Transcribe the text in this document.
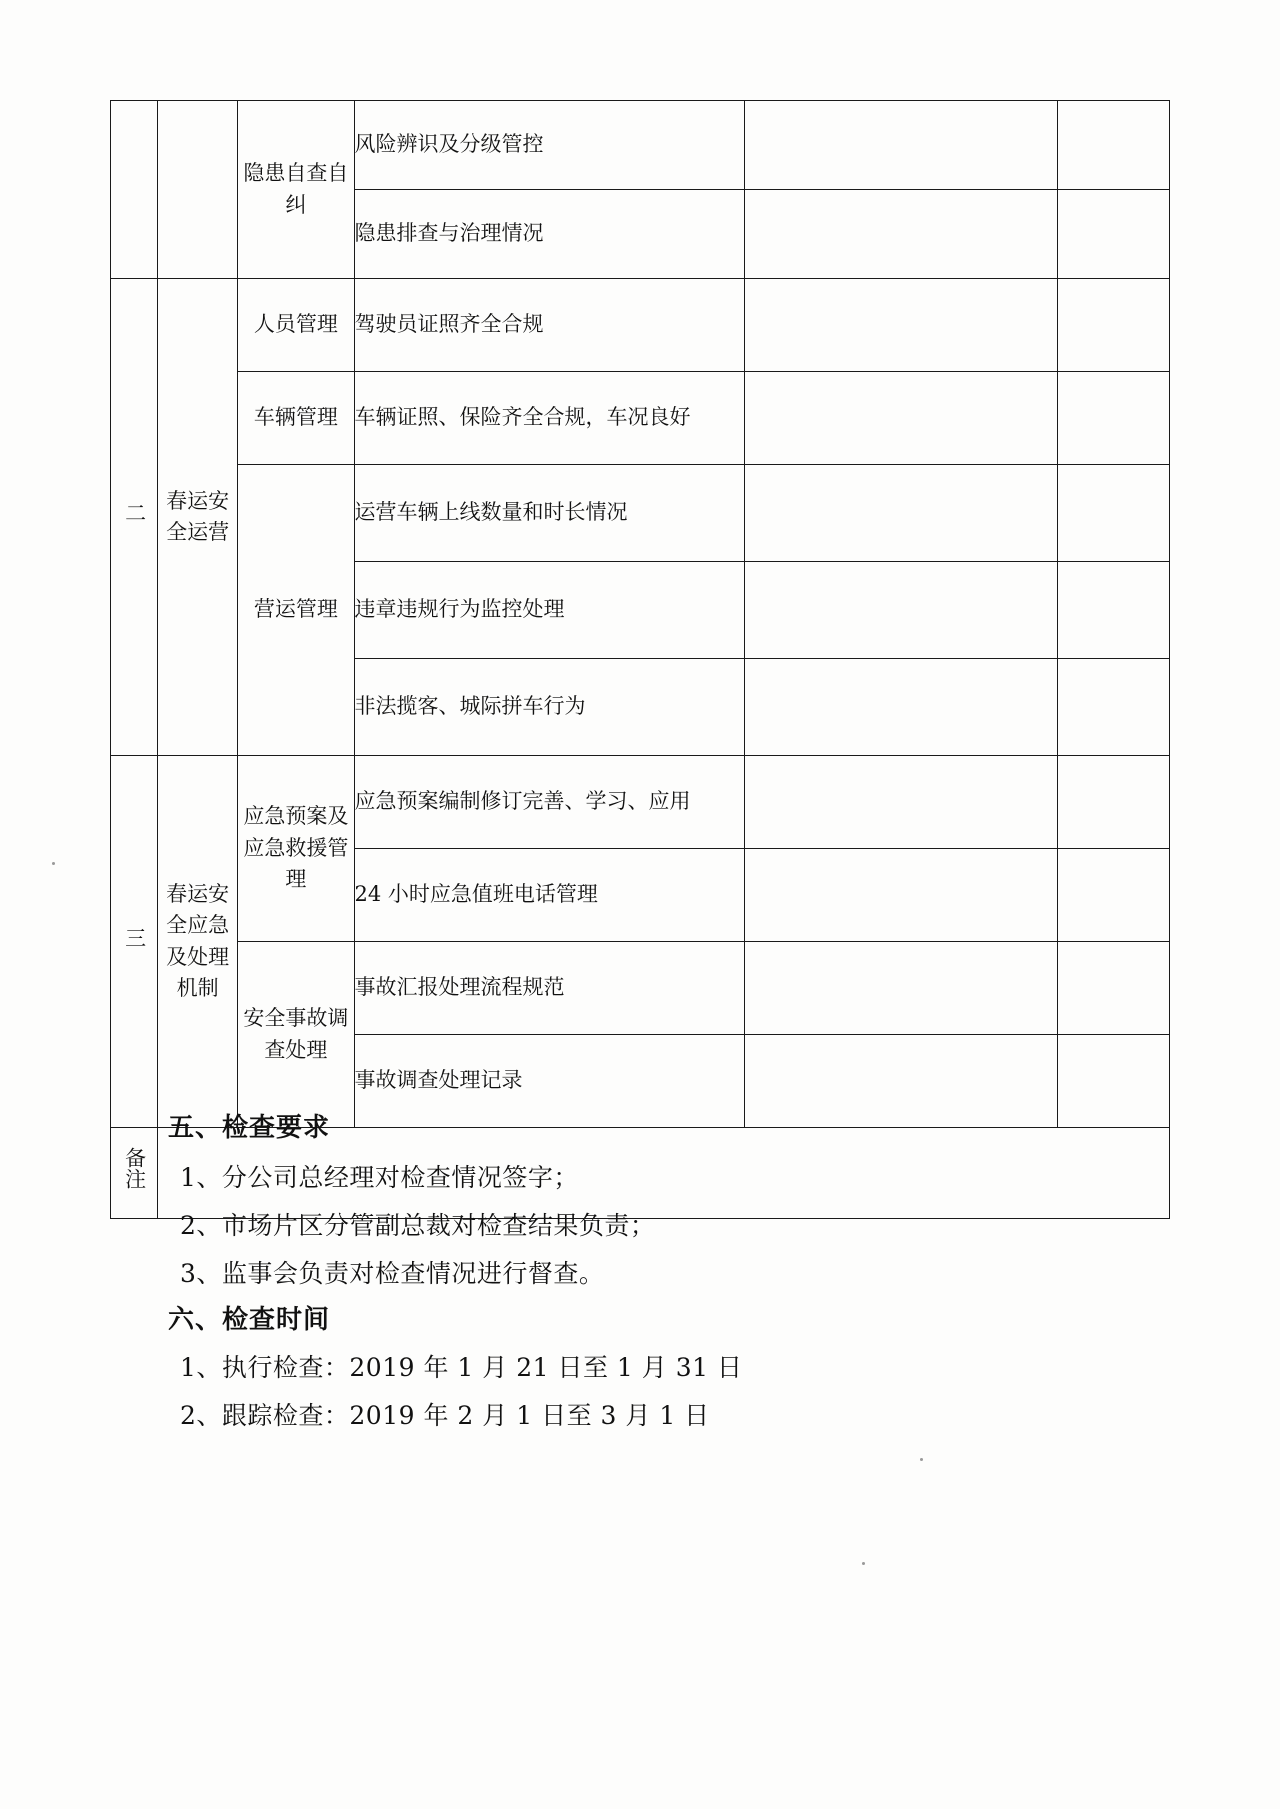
		隐患自查自纠	风险辨识及分级管控		
			隐患排查与治理情况		
二	春运安全运营	人员管理	驾驶员证照齐全合规		

		车辆管理	车辆证照、保险齐全合规，车况良好		

		营运管理	运营车辆上线数量和时长情况		
			违章违规行为监控处理		
			非法揽客、城际拼车行为		
三	春运安全应急及处理机制	应急预案及应急救援管理	应急预案编制修订完善、学习、应用		
			24 小时应急值班电话管理		

		安全事故调查处理	事故汇报处理流程规范		
			事故调查处理记录		
备注					
五、检查要求
1、分公司总经理对检查情况签字；
2、市场片区分管副总裁对检查结果负责；
3、监事会负责对检查情况进行督查。
六、检查时间
1、执行检查：2019 年 1 月 21 日至 1 月 31 日
2、跟踪检查：2019 年 2 月 1 日至 3 月 1 日
